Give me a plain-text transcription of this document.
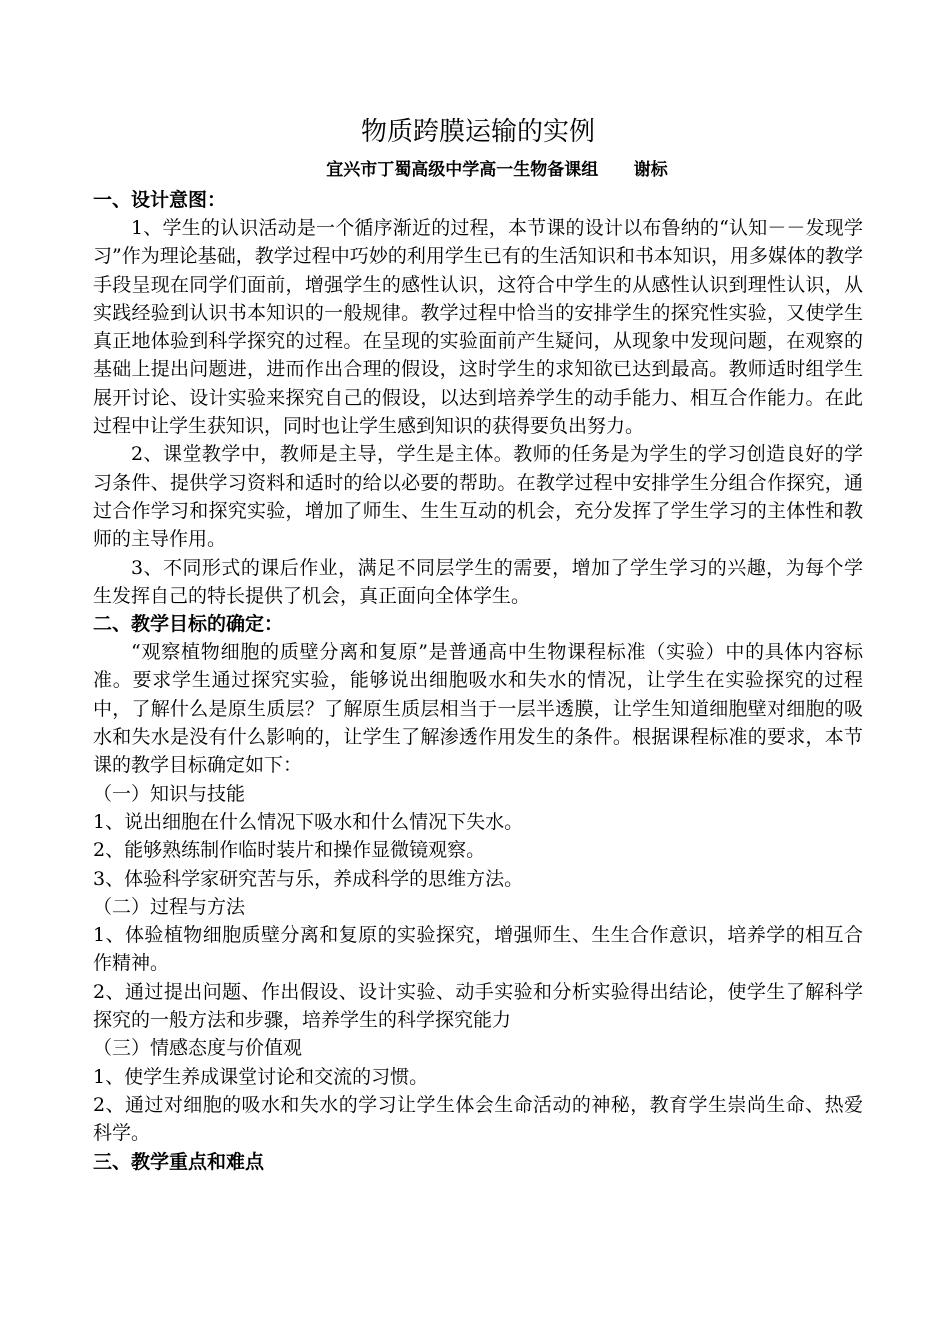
物质跨膜运输的实例
宜兴市丁蜀高级中学高一生物备课组      谢标
一、设计意图：

1、学生的认识活动是一个循序渐近的过程，本节课的设计以布鲁纳的“认知－－发现学习”作为理论基础，教学过程中巧妙的利用学生已有的生活知识和书本知识，用多媒体的教学手段呈现在同学们面前，增强学生的感性认识，这符合中学生的从感性认识到理性认识，从实践经验到认识书本知识的一般规律。教学过程中恰当的安排学生的探究性实验，又使学生真正地体验到科学探究的过程。在呈现的实验面前产生疑问，从现象中发现问题，在观察的基础上提出问题进，进而作出合理的假设，这时学生的求知欲已达到最高。教师适时组学生展开讨论、设计实验来探究自己的假设，以达到培养学生的动手能力、相互合作能力。在此过程中让学生获知识，同时也让学生感到知识的获得要负出努力。

2、课堂教学中，教师是主导，学生是主体。教师的任务是为学生的学习创造良好的学习条件、提供学习资料和适时的给以必要的帮助。在教学过程中安排学生分组合作探究，通过合作学习和探究实验，增加了师生、生生互动的机会，充分发挥了学生学习的主体性和教师的主导作用。

3、不同形式的课后作业，满足不同层学生的需要，增加了学生学习的兴趣，为每个学生发挥自己的特长提供了机会，真正面向全体学生。

二、教学目标的确定：

“观察植物细胞的质壁分离和复原”是普通高中生物课程标准（实验）中的具体内容标准。要求学生通过探究实验，能够说出细胞吸水和失水的情况，让学生在实验探究的过程中，了解什么是原生质层？了解原生质层相当于一层半透膜，让学生知道细胞壁对细胞的吸水和失水是没有什么影响的，让学生了解渗透作用发生的条件。根据课程标准的要求，本节课的教学目标确定如下：

（一）知识与技能

1、说出细胞在什么情况下吸水和什么情况下失水。

2、能够熟练制作临时装片和操作显微镜观察。

3、体验科学家研究苦与乐，养成科学的思维方法。

（二）过程与方法

1、体验植物细胞质壁分离和复原的实验探究，增强师生、生生合作意识，培养学的相互合作精神。

2、通过提出问题、作出假设、设计实验、动手实验和分析实验得出结论，使学生了解科学探究的一般方法和步骤，培养学生的科学探究能力

（三）情感态度与价值观

1、使学生养成课堂讨论和交流的习惯。

2、通过对细胞的吸水和失水的学习让学生体会生命活动的神秘，教育学生崇尚生命、热爱科学。

三、教学重点和难点
